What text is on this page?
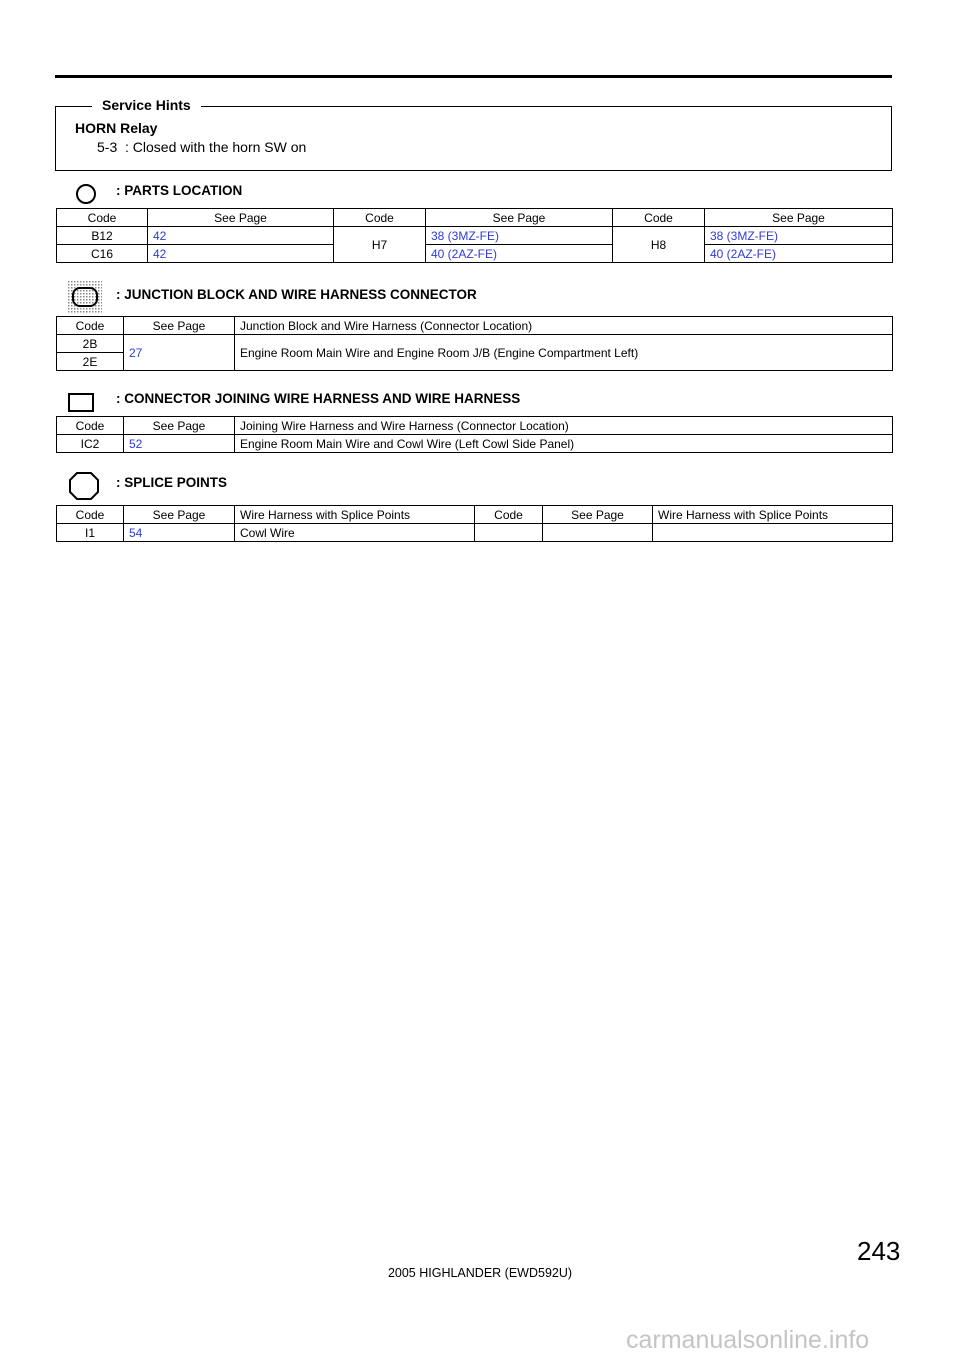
Service Hints
HORN Relay
5-3  : Closed with the horn SW on
: PARTS LOCATION
Code	See Page	Code	See Page	Code	See Page
B12	42	H7	38 (3MZ-FE)	H8	38 (3MZ-FE)
C16	42		40 (2AZ-FE)		40 (2AZ-FE)
: JUNCTION BLOCK AND WIRE HARNESS CONNECTOR
Code	See Page	Junction Block and Wire Harness (Connector Location)
2B	27	Engine Room Main Wire and Engine Room J/B (Engine Compartment Left)
2E		
: CONNECTOR JOINING WIRE HARNESS AND WIRE HARNESS
Code	See Page	Joining Wire Harness and Wire Harness (Connector Location)
IC2	52	Engine Room Main Wire and Cowl Wire (Left Cowl Side Panel)
: SPLICE POINTS
Code	See Page	Wire Harness with Splice Points	Code	See Page	Wire Harness with Splice Points
I1	54	Cowl Wire			
243
2005 HIGHLANDER (EWD592U)
carmanualsonline.info
